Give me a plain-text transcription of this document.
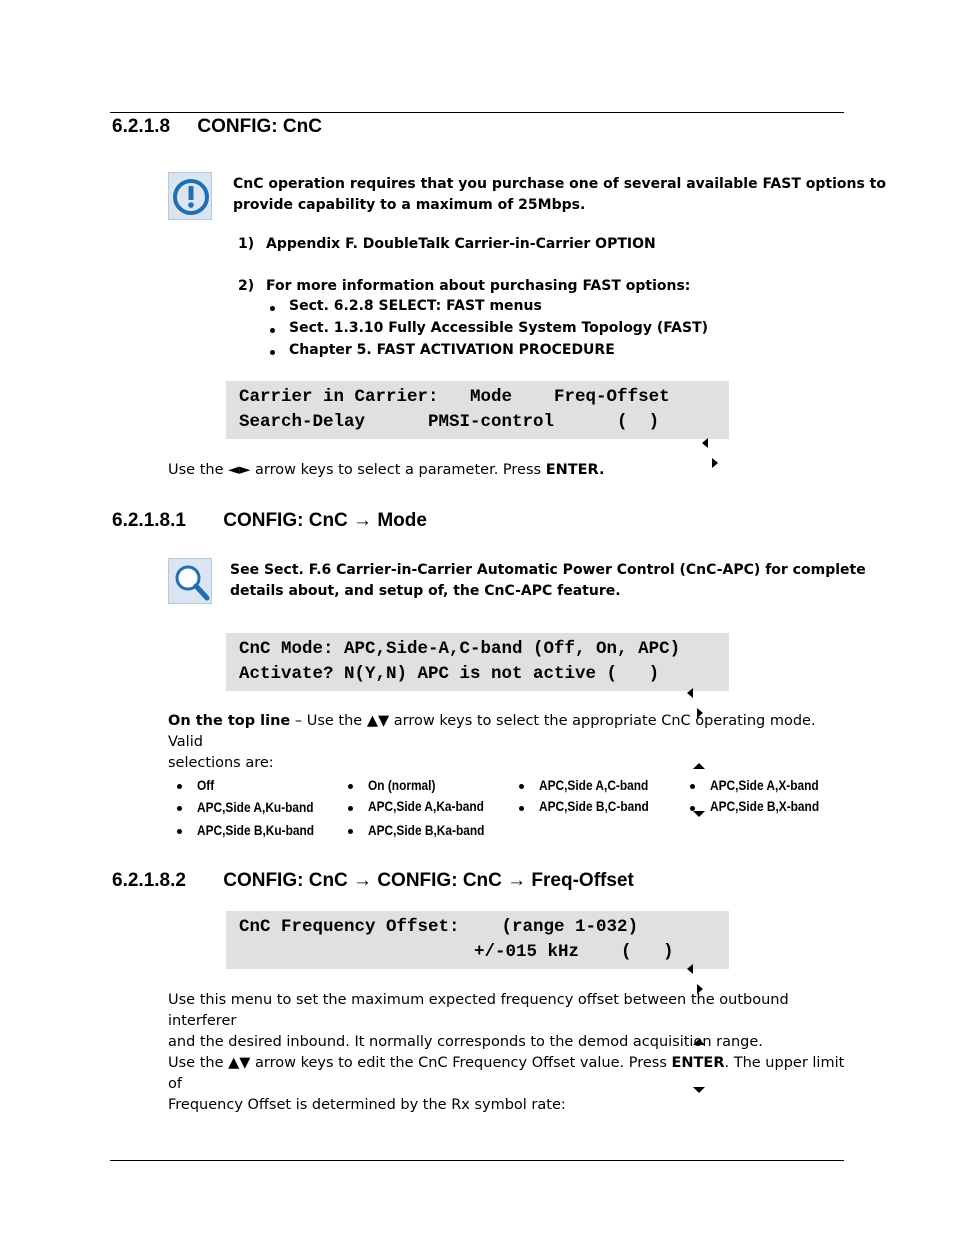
6.2.1.8 CONFIG: CnC
CnC operation requires that you purchase one of several available FAST options to
provide capability to a maximum of 25Mbps.
1) Appendix F. DoubleTalk Carrier-in-Carrier OPTION
2) For more information about purchasing FAST options:
Sect. 6.2.8 SELECT: FAST menus
Sect. 1.3.10 Fully Accessible System Topology (FAST)
Chapter 5. FAST ACTIVATION PROCEDURE
Carrier in Carrier:   Mode    Freq-Offset
Search-Delay      PMSI-control      (  )

Use the ◄► arrow keys to select a parameter. Press ENTER.
6.2.1.8.1 CONFIG: CnC → Mode
See Sect. F.6 Carrier-in-Carrier Automatic Power Control (CnC-APC) for complete
details about, and setup of, the CnC-APC feature.
CnC Mode: APC,Side-A,C-band (Off, On, APC)
Activate? N(Y,N) APC is not active (   )

On the top line – Use the ▲▼ arrow keys to select the appropriate CnC operating mode. Valid
selections are:
Off	On (normal)	APC,Side A,C-band	APC,Side A,X-band
APC,Side A,Ku-band	APC,Side A,Ka-band	APC,Side B,C-band	APC,Side B,X-band
APC,Side B,Ku-band	APC,Side B,Ka-band
6.2.1.8.2 CONFIG: CnC → CONFIG: CnC → Freq-Offset
CnC Frequency Offset:    (range 1-032)
+/-015 kHz    (   )

Use this menu to set the maximum expected frequency offset between the outbound interferer
and the desired inbound. It normally corresponds to the demod acquisition range.
Use the ▲▼ arrow keys to edit the CnC Frequency Offset value. Press ENTER. The upper limit of
Frequency Offset is determined by the Rx symbol rate:
